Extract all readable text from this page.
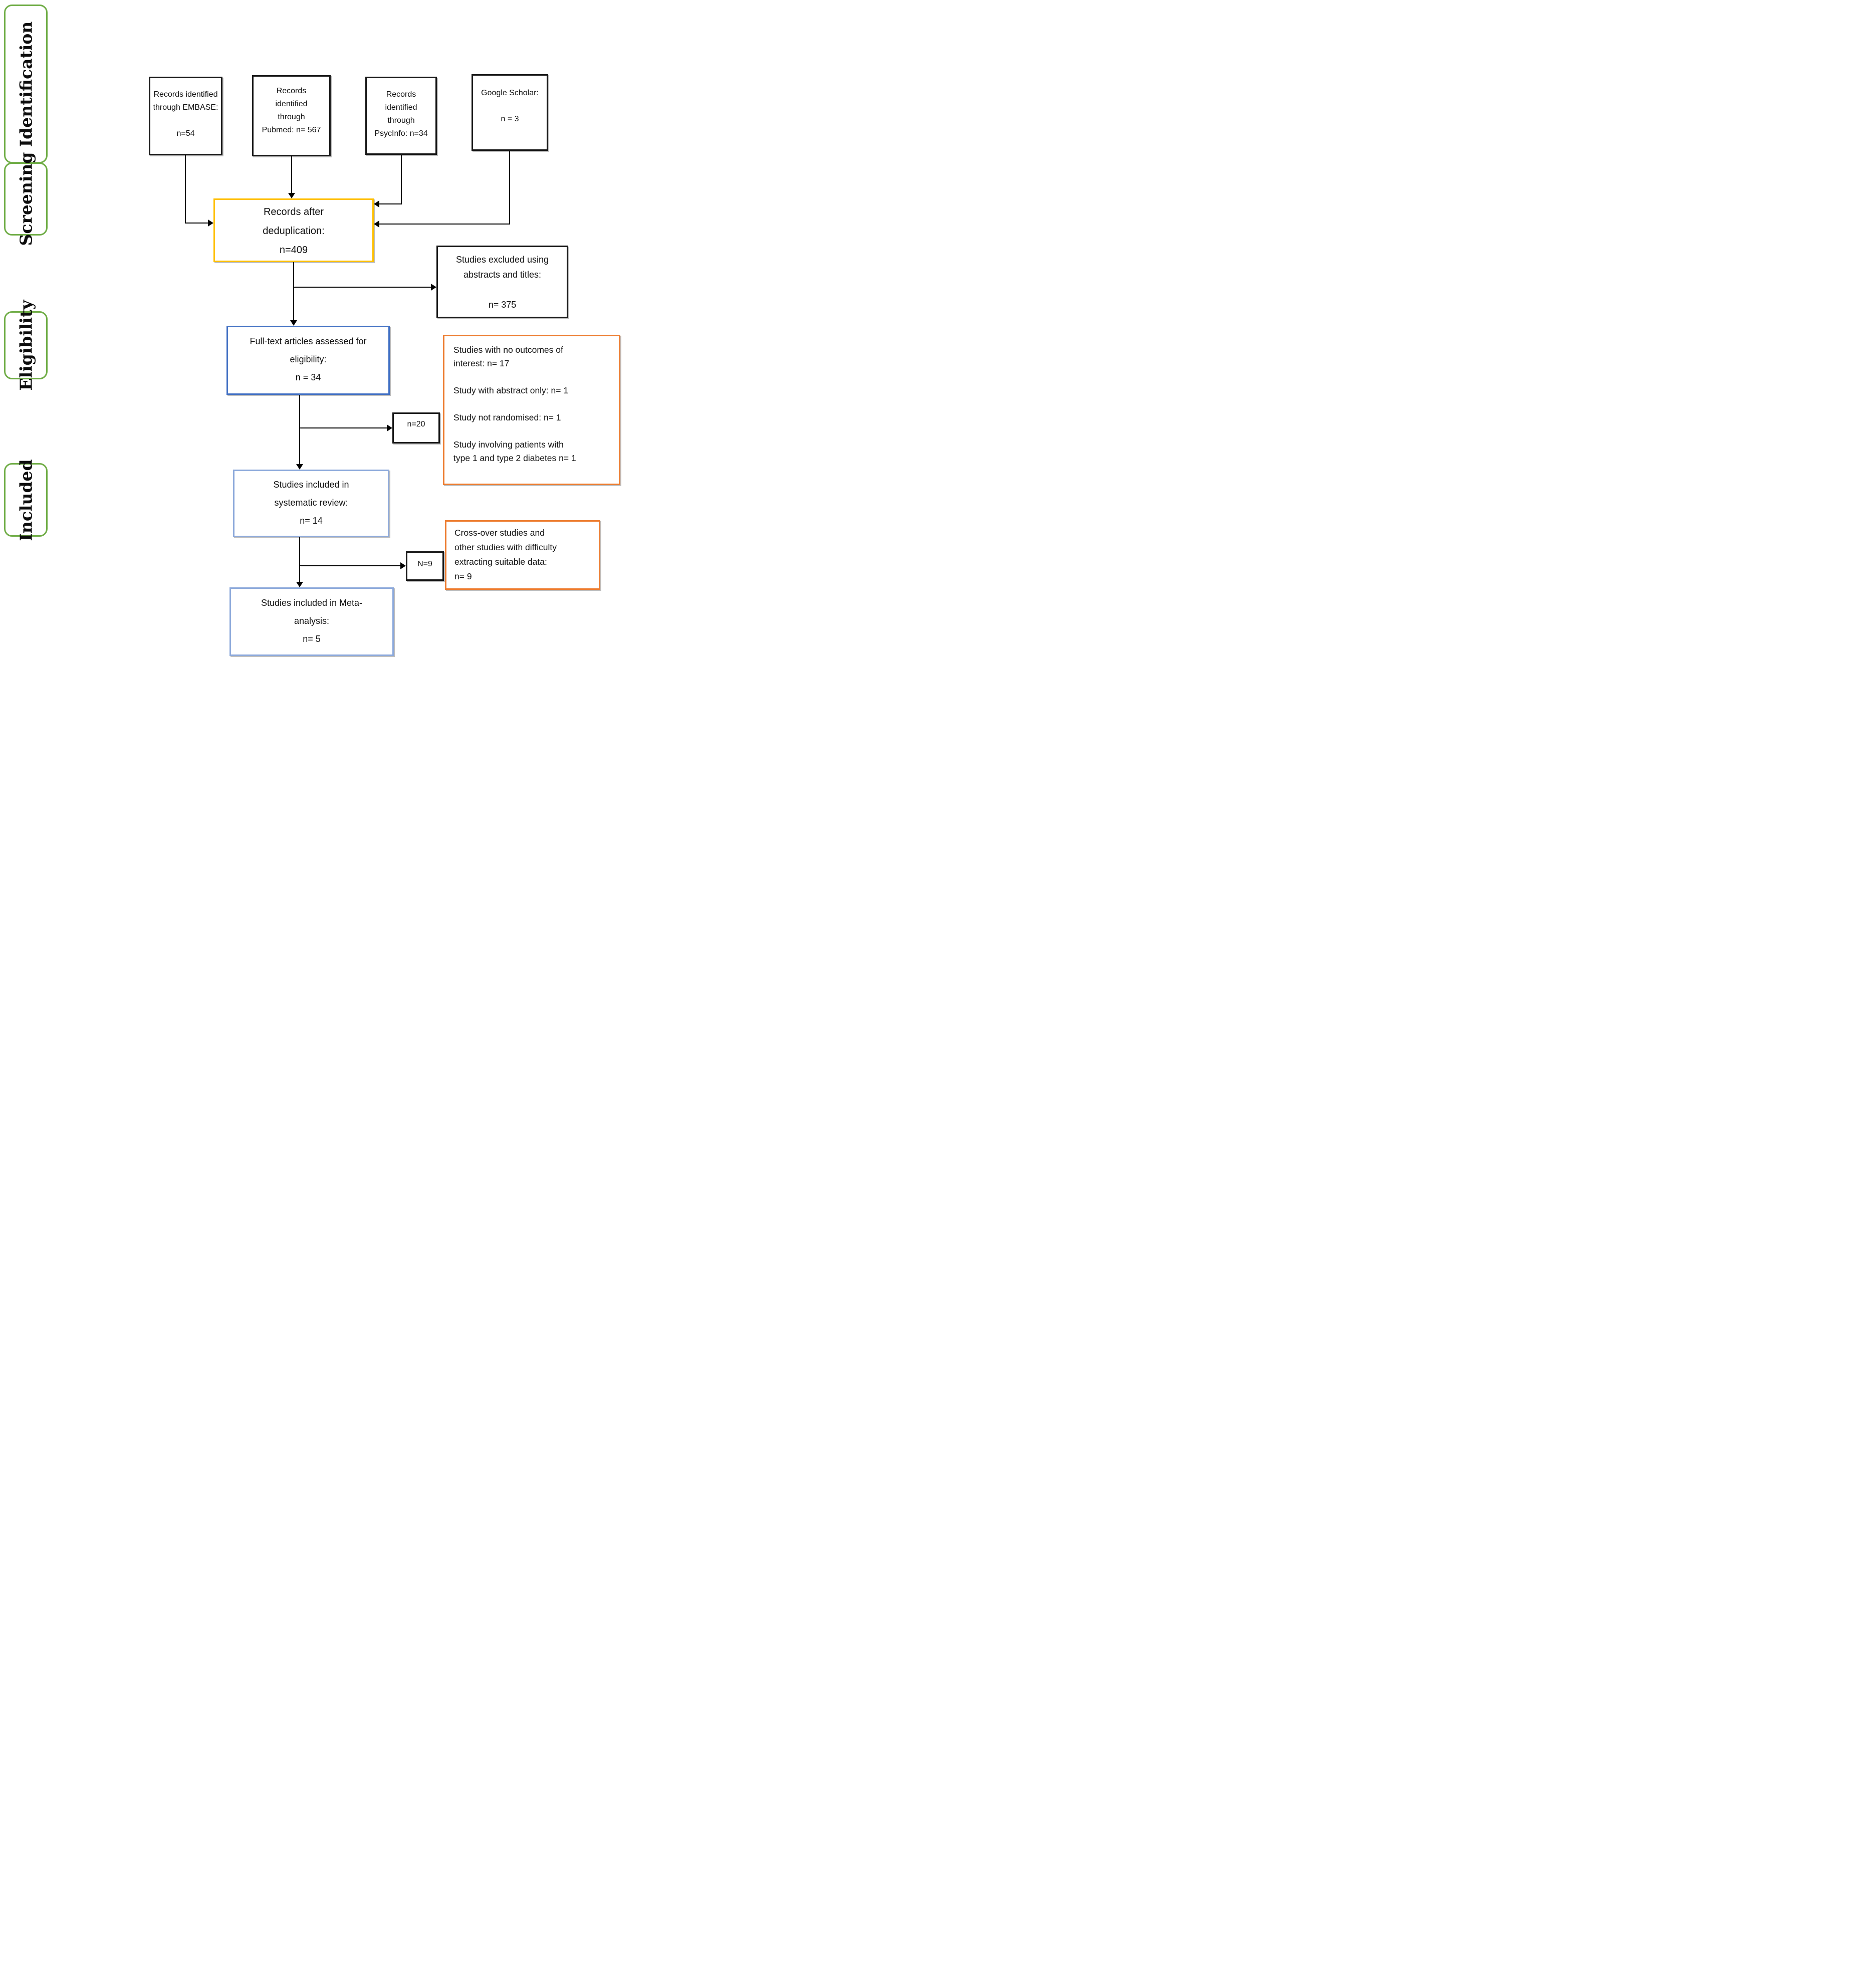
Identification
Screening
Eligibility
Included
Records identified
through EMBASE:

n=54
Records
identified
through
Pubmed: n= 567
Records
identified
through
PsycInfo: n=34
Google Scholar:

n = 3
Records after
deduplication:
n=409
Studies excluded using
abstracts and titles:

n= 375
Full-text articles assessed for
eligibility:
n = 34
Studies with no outcomes of
interest: n= 17

Study with abstract only: n= 1

Study not randomised: n= 1

Study involving patients with
type 1 and type 2 diabetes n= 1
n=20
Studies included in
systematic review:
n= 14
N=9
Cross-over studies and
other studies with difficulty
extracting suitable data:
n= 9
Studies included in Meta-
analysis:
n= 5
